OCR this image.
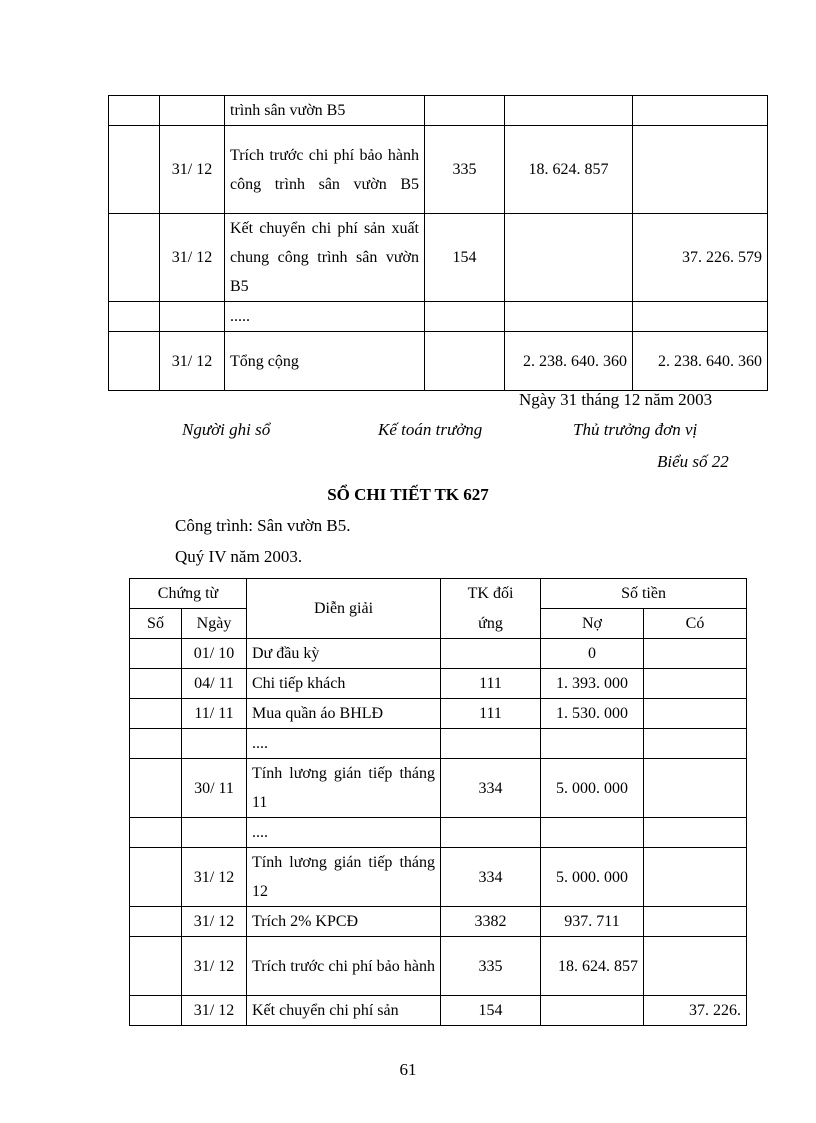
		trình sân vườn B5			
	31/ 12	Trích trước chi phí bảo hành công trình sân vườn B5	335	18. 624. 857	
	31/ 12	Kết chuyển chi phí sản xuất chung công trình sân vườn B5	154		37. 226. 579
		.....			
	31/ 12	Tổng cộng		2. 238. 640. 360	2. 238. 640. 360
Ngày 31 tháng 12 năm 2003
Người ghi sổ	Kế toán trưởng	Thủ trưởng đơn vị
Biểu số 22
SỔ CHI TIẾT TK 627
Công trình: Sân vườn B5.
Quý IV năm 2003.
Chứng từ		Diễn giải	TK đối	Số tiền	
Số	Ngày		ứng	Nợ	Có
	01/ 10	Dư đầu kỳ		0	
	04/ 11	Chi tiếp khách	111	1. 393. 000	
	11/ 11	Mua quần áo BHLĐ	111	1. 530. 000	
		....			
	30/ 11	Tính lương gián tiếp tháng 11	334	5. 000. 000	
		....			
	31/ 12	Tính lương gián tiếp tháng 12	334	5. 000. 000	
	31/ 12	Trích 2% KPCĐ	3382	937. 711	
	31/ 12	Trích trước chi phí bảo hành	335	18. 624. 857	
	31/ 12	Kết chuyển chi phí sản	154		37. 226.
61
